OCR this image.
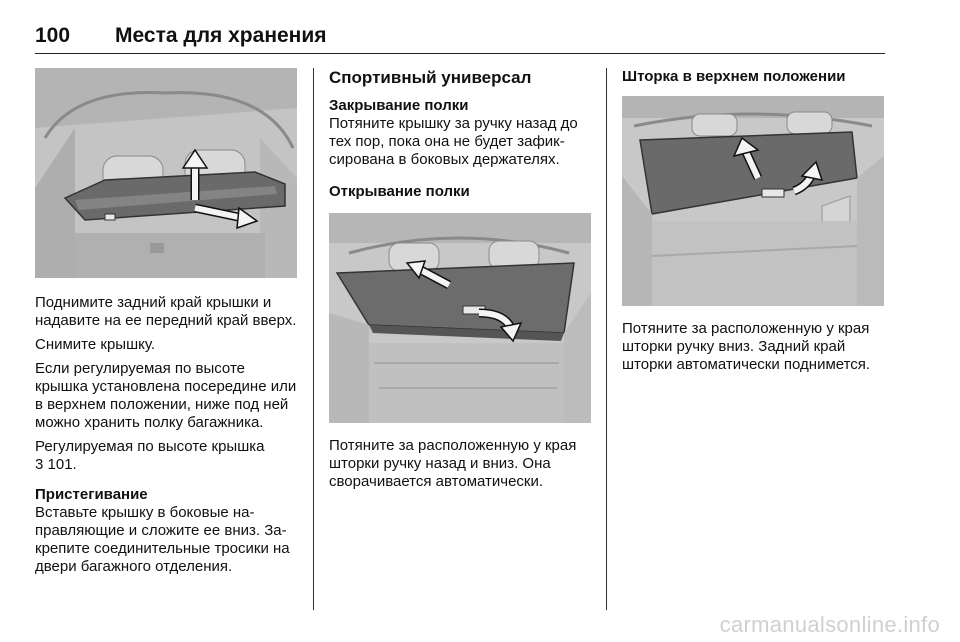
100 Места для хранения

Поднимите задний край крышки и надавите на ее передний край вверх.

Снимите крышку.

Если регулируемая по высоте крышка установлена посередине или в верхнем положении, ниже под ней можно хранить полку багажника.

Регулируемая по высоте крышка
3 101.

Пристегивание

Вставьте крышку в боковые направляющие и сложите ее вниз. Закрепите соединительные тросики на двери багажного отделения.

Спортивный универсал
Закрывание полки

Потяните крышку за ручку назад до тех пор, пока она не будет зафиксирована в боковых держателях.

Открывание полки

Потяните за расположенную у края шторки ручку назад и вниз. Она сворачивается автоматически.

Шторка в верхнем положении

Потяните за расположенную у края шторки ручку вниз. Задний край шторки автоматически поднимется.

carmanualsonline.info
